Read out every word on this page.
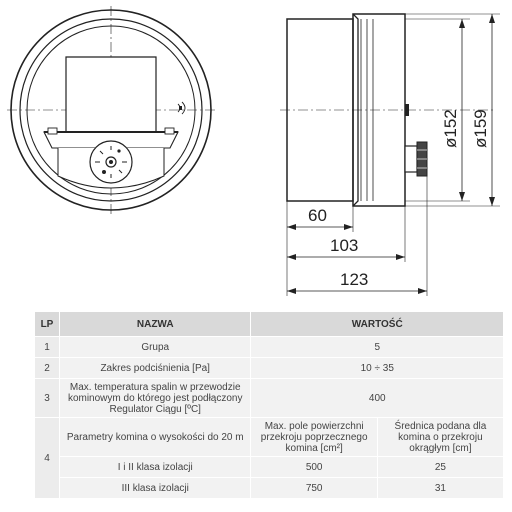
60
103
123
ø152 ø159
LP	NAZWA	WARTOŚĆ	
1	Grupa	5	
2	Zakres podciśnienia [Pa]	10 ÷ 35	
3	Max. temperatura spalin w przewodzie kominowym do którego jest podłączony Regulator Ciągu [ºC]	400	
4	Parametry komina o wysokości do 20 m	Max. pole powierzchni przekroju poprzecznego komina [cm²]	Średnica podana dla komina o przekroju okrągłym [cm]
	I i II klasa izolacji	500	25
	III klasa izolacji	750	31
